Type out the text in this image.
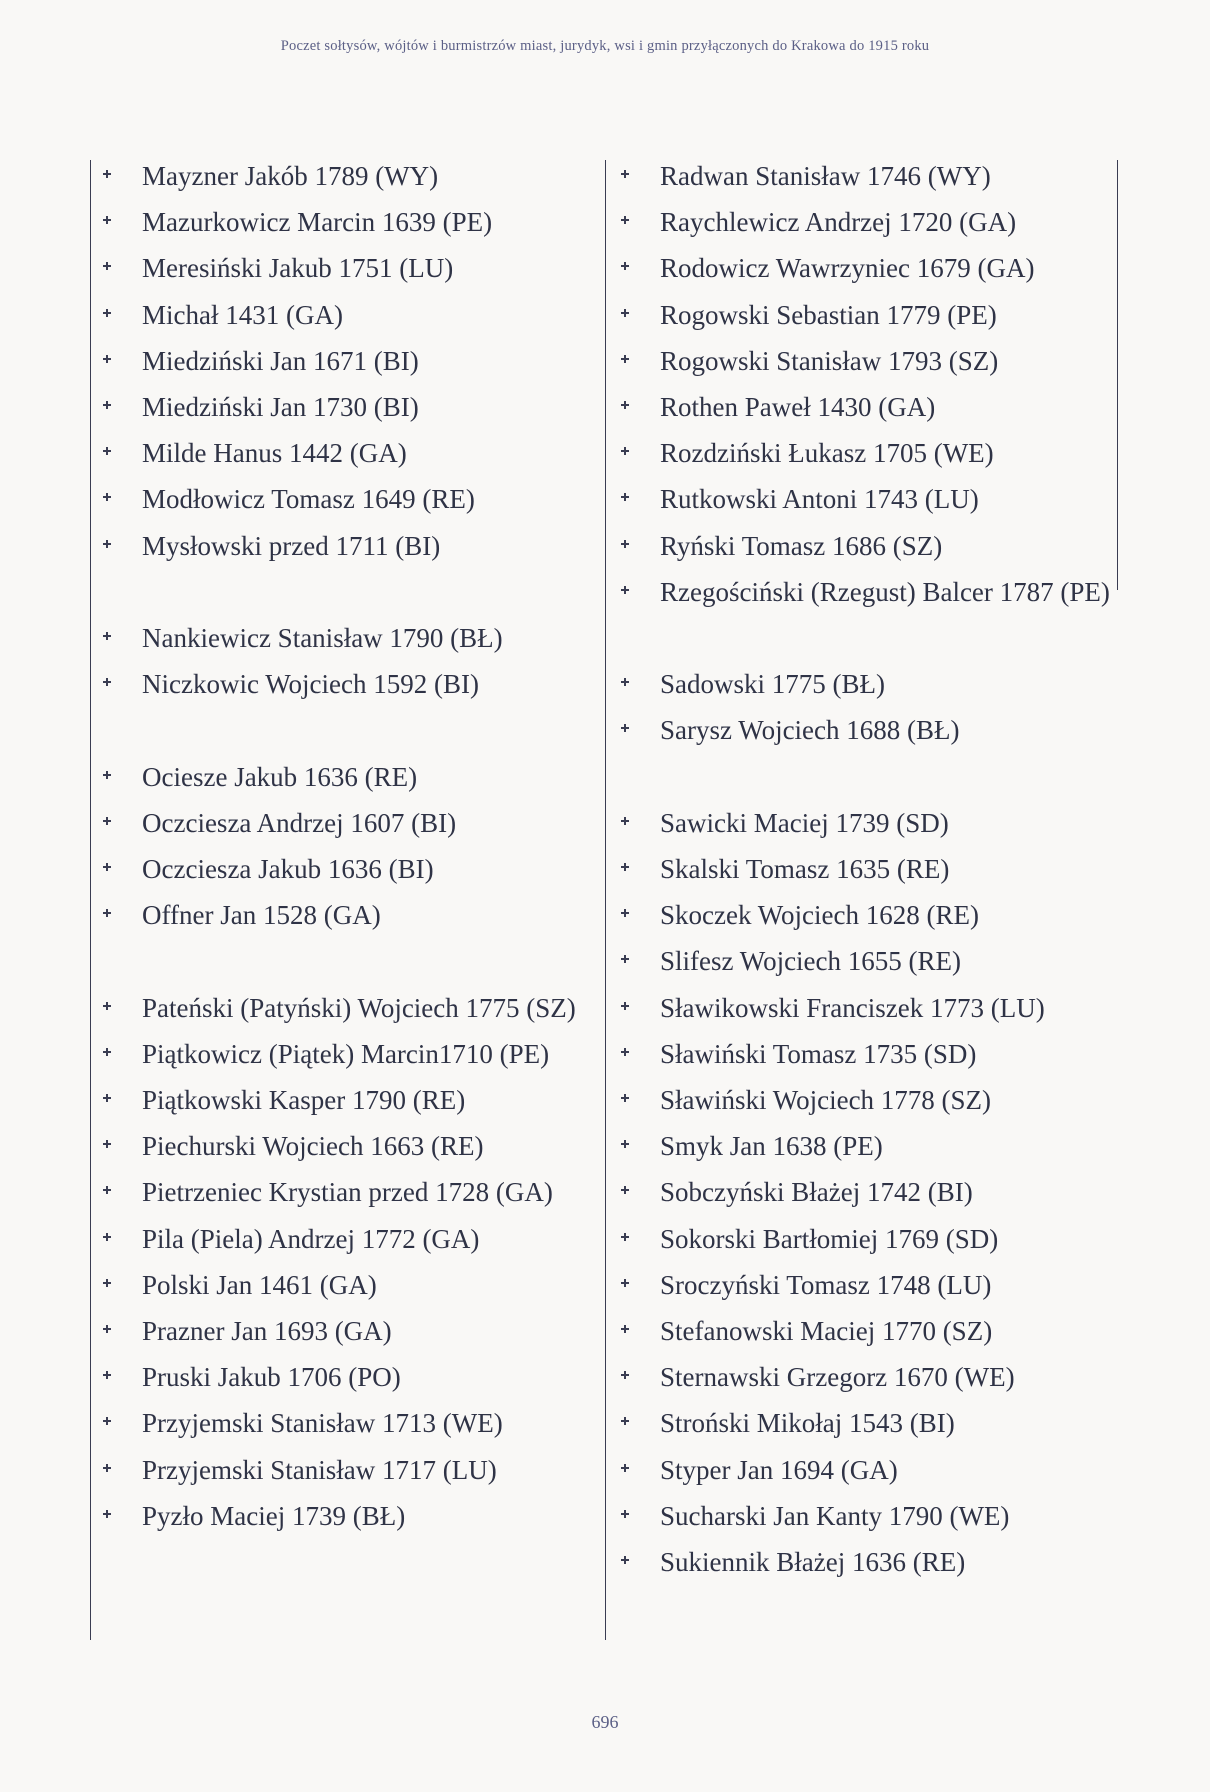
Poczet sołtysów, wójtów i burmistrzów miast, jurydyk, wsi i gmin przyłączonych do Krakowa do 1915 roku
Mayzner Jakób 1789 (WY)
Mazurkowicz Marcin 1639 (PE)
Meresiński Jakub 1751 (LU)
Michał 1431 (GA)
Miedziński Jan 1671 (BI)
Miedziński Jan 1730 (BI)
Milde Hanus 1442 (GA)
Modłowicz Tomasz 1649 (RE)
Mysłowski przed 1711 (BI)
Nankiewicz Stanisław 1790 (BŁ)
Niczkowic Wojciech 1592 (BI)
Ociesze Jakub 1636 (RE)
Oczciesza Andrzej 1607 (BI)
Oczciesza Jakub 1636 (BI)
Offner Jan 1528 (GA)
Pateński (Patyński) Wojciech 1775 (SZ)
Piątkowicz (Piątek) Marcin1710 (PE)
Piątkowski Kasper 1790 (RE)
Piechurski Wojciech 1663 (RE)
Pietrzeniec Krystian przed 1728 (GA)
Pila (Piela) Andrzej 1772 (GA)
Polski Jan 1461 (GA)
Prazner Jan 1693 (GA)
Pruski Jakub 1706 (PO)
Przyjemski Stanisław 1713 (WE)
Przyjemski Stanisław 1717 (LU)
Pyzło Maciej 1739 (BŁ)
Radwan Stanisław 1746 (WY)
Raychlewicz Andrzej 1720 (GA)
Rodowicz Wawrzyniec 1679 (GA)
Rogowski Sebastian 1779 (PE)
Rogowski Stanisław 1793 (SZ)
Rothen Paweł 1430 (GA)
Rozdziński Łukasz 1705 (WE)
Rutkowski Antoni 1743 (LU)
Ryński Tomasz 1686 (SZ)
Rzegościński (Rzegust) Balcer 1787 (PE)
Sadowski 1775 (BŁ)
Sarysz Wojciech 1688 (BŁ)
Sawicki Maciej 1739 (SD)
Skalski Tomasz 1635 (RE)
Skoczek Wojciech 1628 (RE)
Slifesz Wojciech 1655 (RE)
Sławikowski Franciszek 1773 (LU)
Sławiński Tomasz 1735 (SD)
Sławiński Wojciech 1778 (SZ)
Smyk Jan 1638 (PE)
Sobczyński Błażej 1742 (BI)
Sokorski Bartłomiej 1769 (SD)
Sroczyński Tomasz 1748 (LU)
Stefanowski Maciej 1770 (SZ)
Sternawski Grzegorz 1670 (WE)
Stroński Mikołaj 1543 (BI)
Styper Jan 1694 (GA)
Sucharski Jan Kanty 1790 (WE)
Sukiennik Błażej 1636 (RE)
696
